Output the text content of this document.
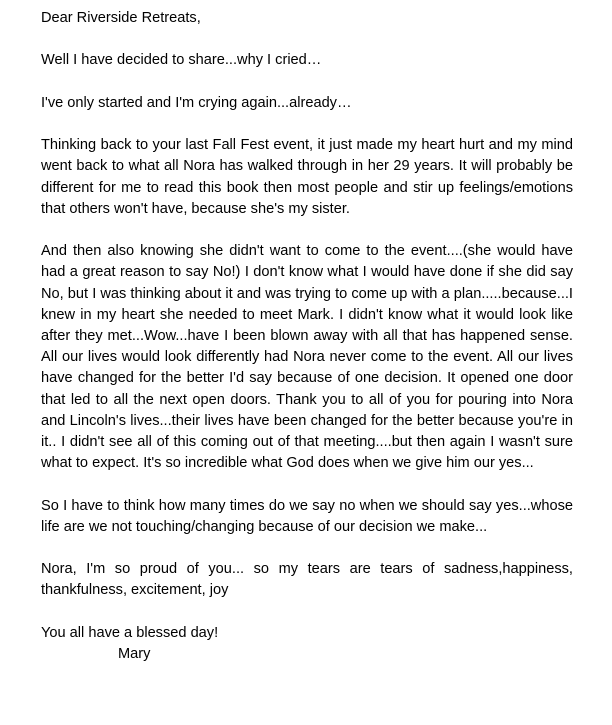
Dear Riverside Retreats,

Well I have decided to share...why I cried…

I've only started and I'm crying again...already…

Thinking back to your last Fall Fest event, it just made my heart hurt and my mind went back to what all Nora has walked through in her 29 years. It will probably be different for me to read this book then most people and stir up feelings/emotions that others won't have, because she's my sister.

And then also knowing she didn't want to come to the event....(she would have had a great reason to say No!) I don't know what I would have done if she did say No, but I was thinking about it and was trying to come up with a plan.....because...I knew in my heart she needed to meet Mark. I didn't know what it would look like after they met...Wow...have I been blown away with all that has happened sense. All our lives would look differently had Nora never come to the event. All our lives have changed for the better I'd say because of one decision. It opened one door that led to all the next open doors. Thank you to all of you for pouring into Nora and Lincoln's lives...their lives have been changed for the better because you're in it.. I didn't see all of this coming out of that meeting....but then again I wasn't sure what to expect. It's so incredible what God does when we give him our yes...

So I have to think how many times do we say no when we should say yes...whose life are we not touching/changing because of our decision we make...

Nora, I'm so proud of you... so my tears are tears of sadness,happiness, thankfulness, excitement, joy

You all have a blessed day!

Mary
